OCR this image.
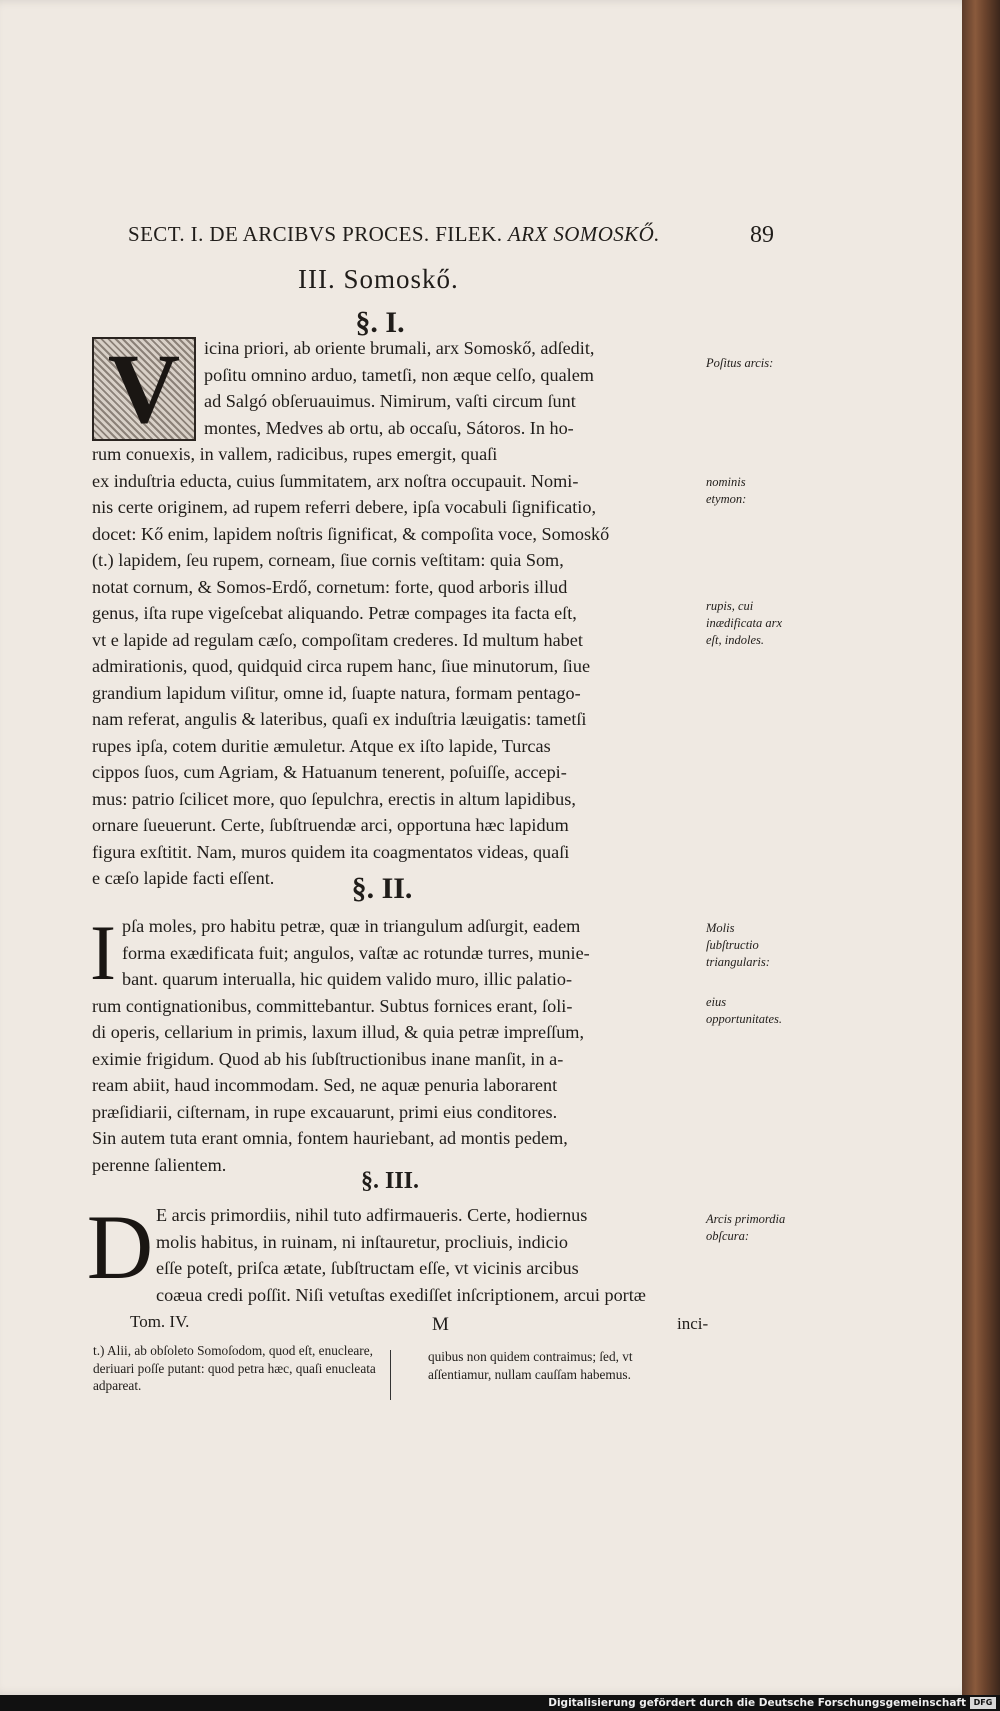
SECT. I. DE ARCIBVS PROCES. FILEK. ARX SOMOSKŐ.	89
III. Somoskő.
§. I.
V	icina priori, ab oriente brumali, arx Somoskő, adſedit,

poſitu omnino arduo, tametſi, non æque celſo, qualem

ad Salgó obſeruauimus. Nimirum, vaſti circum ſunt

montes, Medves ab ortu, ab occaſu, Sátoros. In ho-

rum conuexis, in vallem, radicibus, rupes emergit, quaſi

ex induſtria educta, cuius ſummitatem, arx noſtra occupauit. Nomi-

nis certe originem, ad rupem referri debere, ipſa vocabuli ſignificatio,

docet: Kő enim, lapidem noſtris ſignificat, & compoſita voce, Somoskő

(t.) lapidem, ſeu rupem, corneam, ſiue cornis veſtitam: quia Som,

notat cornum, & Somos-Erdő, cornetum: forte, quod arboris illud

genus, iſta rupe vigeſcebat aliquando. Petræ compages ita facta eſt,

vt e lapide ad regulam cæſo, compoſitam crederes. Id multum habet

admirationis, quod, quidquid circa rupem hanc, ſiue minutorum, ſiue

grandium lapidum viſitur, omne id, ſuapte natura, formam pentago-

nam referat, angulis & lateribus, quaſi ex induſtria læuigatis: tametſi

rupes ipſa, cotem duritie æmuletur. Atque ex iſto lapide, Turcas

cippos ſuos, cum Agriam, & Hatuanum tenerent, poſuiſſe, accepi-

mus: patrio ſcilicet more, quo ſepulchra, erectis in altum lapidibus,

ornare ſueuerunt. Certe, ſubſtruendæ arci, opportuna hæc lapidum

figura exſtitit. Nam, muros quidem ita coagmentatos videas, quaſi

e cæſo lapide facti eſſent.	§. II.
I pſa moles, pro habitu petræ, quæ in triangulum adſurgit, eadem

forma exædificata fuit; angulos, vaſtæ ac rotundæ turres, munie-

bant. quarum interualla, hic quidem valido muro, illic palatio-

rum contignationibus, committebantur. Subtus fornices erant, ſoli-

di operis, cellarium in primis, laxum illud, & quia petræ impreſſum,

eximie frigidum. Quod ab his ſubſtructionibus inane manſit, in a-

ream abiit, haud incommodam. Sed, ne aquæ penuria laborarent

præſidiarii, ciſternam, in rupe excauarunt, primi eius conditores.

Sin autem tuta erant omnia, fontem hauriebant, ad montis pedem,

perenne ſalientem.

§. III.
D E arcis primordiis, nihil tuto adfirmaueris. Certe, hodiernus

molis habitus, in ruinam, ni inſtauretur, procliuis, indicio

eſſe poteſt, priſca ætate, ſubſtructam eſſe, vt vicinis arcibus

coæua credi poſſit. Niſi vetuſtas exediſſet inſcriptionem, arcui portæ

Poſitus arcis:
nominis etymon:
rupis, cui inædificata arx eſt, indoles.
Molis ſubſtructio triangularis:
eius opportunitates.
Arcis primordia obſcura:
Tom. IV.	M	inci-
t.) Alii, ab obſoleto Somoſodom, quod eſt, enucleare, deriuari poſſe putant: quod petra hæc, quaſi enucleata adpareat.
quibus non quidem contraimus; ſed, vt aſſentiamur, nullam cauſſam habemus.
Digitalisierung gefördert durch die Deutsche Forschungsgemeinschaft DFG
